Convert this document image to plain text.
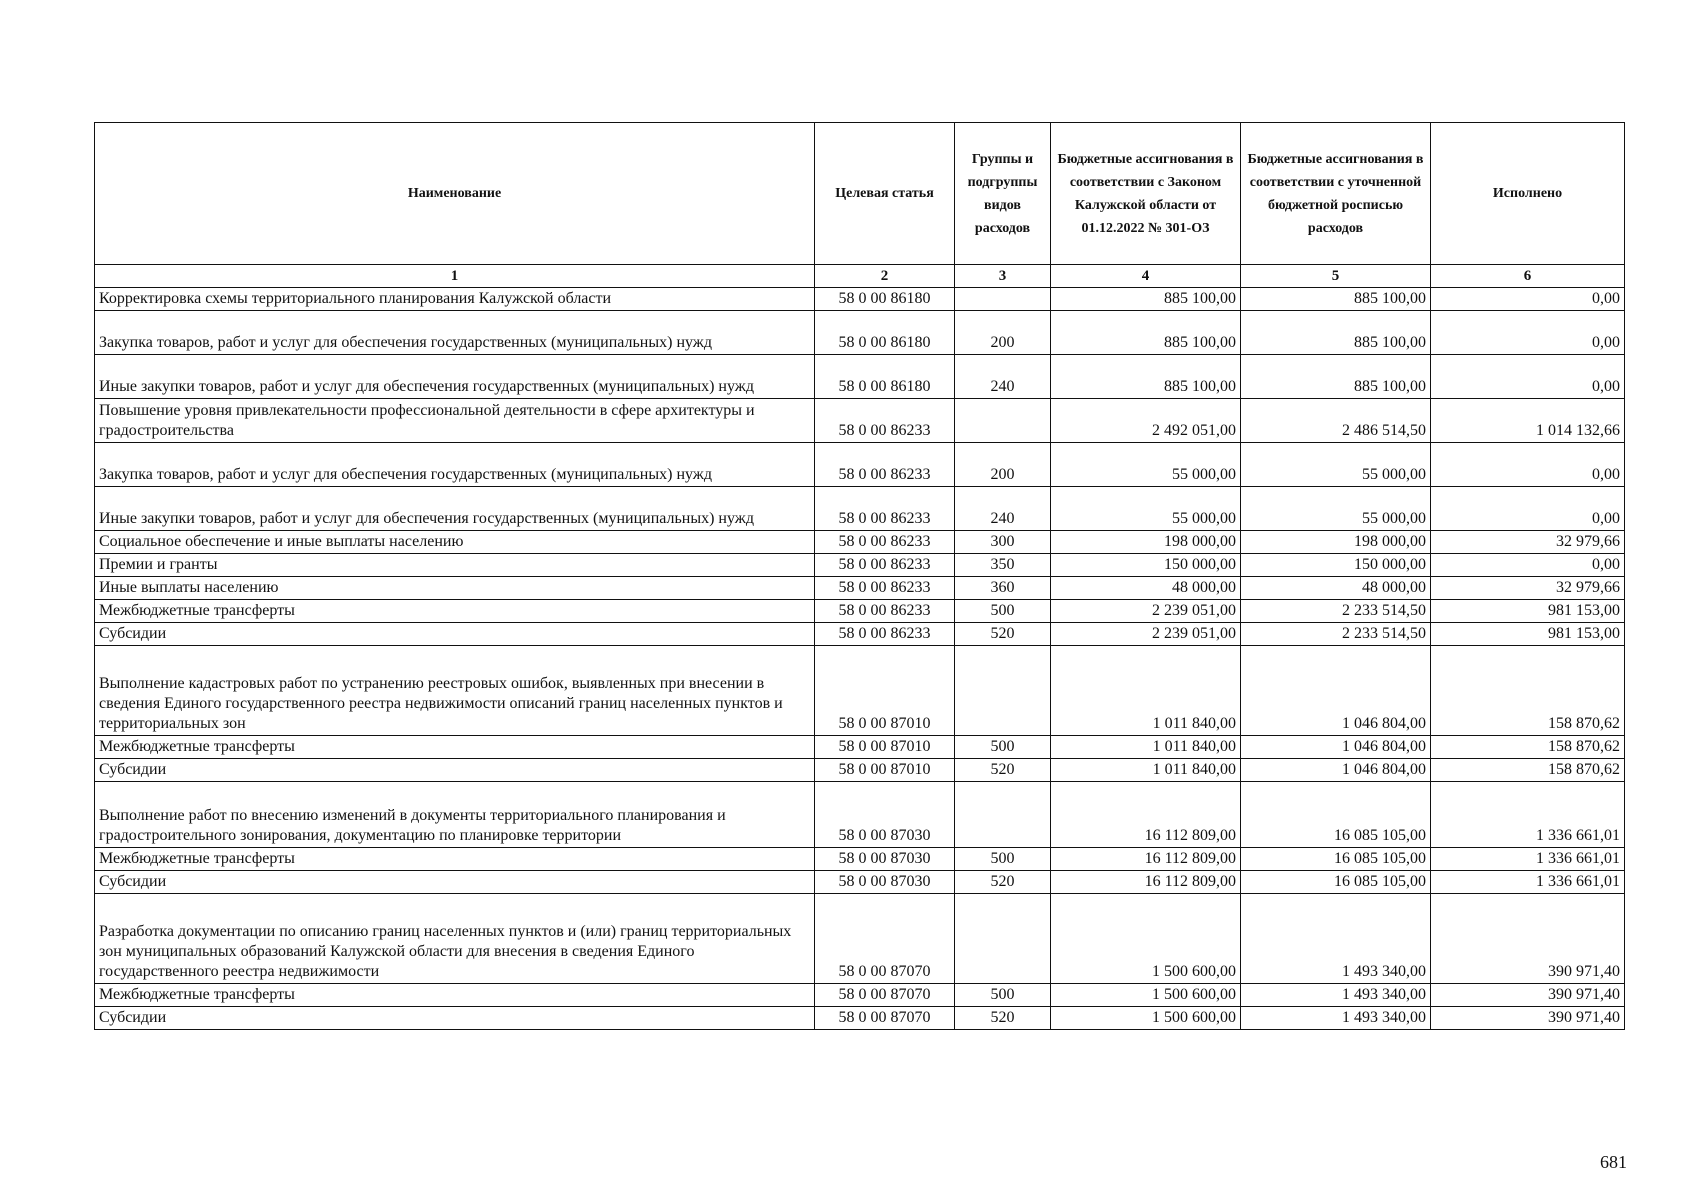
Наименование	Целевая статья	Группы и подгруппы видов расходов	Бюджетные ассигнования в соответствии с Законом Калужской области от 01.12.2022 № 301-ОЗ	Бюджетные ассигнования в соответствии с уточненной бюджетной росписью расходов	Исполнено
1	2	3	4	5	6
Корректировка схемы территориального планирования Калужской области	58 0 00 86180		885 100,00	885 100,00	0,00
Закупка товаров, работ и услуг для обеспечения государственных (муниципальных) нужд	58 0 00 86180	200	885 100,00	885 100,00	0,00
Иные закупки товаров, работ и услуг для обеспечения государственных (муниципальных) нужд	58 0 00 86180	240	885 100,00	885 100,00	0,00
Повышение уровня привлекательности профессиональной деятельности в сфере архитектуры и градостроительства	58 0 00 86233		2 492 051,00	2 486 514,50	1 014 132,66
Закупка товаров, работ и услуг для обеспечения государственных (муниципальных) нужд	58 0 00 86233	200	55 000,00	55 000,00	0,00
Иные закупки товаров, работ и услуг для обеспечения государственных (муниципальных) нужд	58 0 00 86233	240	55 000,00	55 000,00	0,00
Социальное обеспечение и иные выплаты населению	58 0 00 86233	300	198 000,00	198 000,00	32 979,66
Премии и гранты	58 0 00 86233	350	150 000,00	150 000,00	0,00
Иные выплаты населению	58 0 00 86233	360	48 000,00	48 000,00	32 979,66
Межбюджетные трансферты	58 0 00 86233	500	2 239 051,00	2 233 514,50	981 153,00
Субсидии	58 0 00 86233	520	2 239 051,00	2 233 514,50	981 153,00
Выполнение кадастровых работ по устранению реестровых ошибок, выявленных при внесении в сведения Единого государственного реестра недвижимости описаний границ населенных пунктов и территориальных зон	58 0 00 87010		1 011 840,00	1 046 804,00	158 870,62
Межбюджетные трансферты	58 0 00 87010	500	1 011 840,00	1 046 804,00	158 870,62
Субсидии	58 0 00 87010	520	1 011 840,00	1 046 804,00	158 870,62
Выполнение работ по внесению изменений в документы территориального планирования и градостроительного зонирования, документацию по планировке территории	58 0 00 87030		16 112 809,00	16 085 105,00	1 336 661,01
Межбюджетные трансферты	58 0 00 87030	500	16 112 809,00	16 085 105,00	1 336 661,01
Субсидии	58 0 00 87030	520	16 112 809,00	16 085 105,00	1 336 661,01
Разработка документации по описанию границ населенных пунктов и (или) границ территориальных зон муниципальных образований Калужской области для внесения в сведения Единого государственного реестра недвижимости	58 0 00 87070		1 500 600,00	1 493 340,00	390 971,40
Межбюджетные трансферты	58 0 00 87070	500	1 500 600,00	1 493 340,00	390 971,40
Субсидии	58 0 00 87070	520	1 500 600,00	1 493 340,00	390 971,40
681
